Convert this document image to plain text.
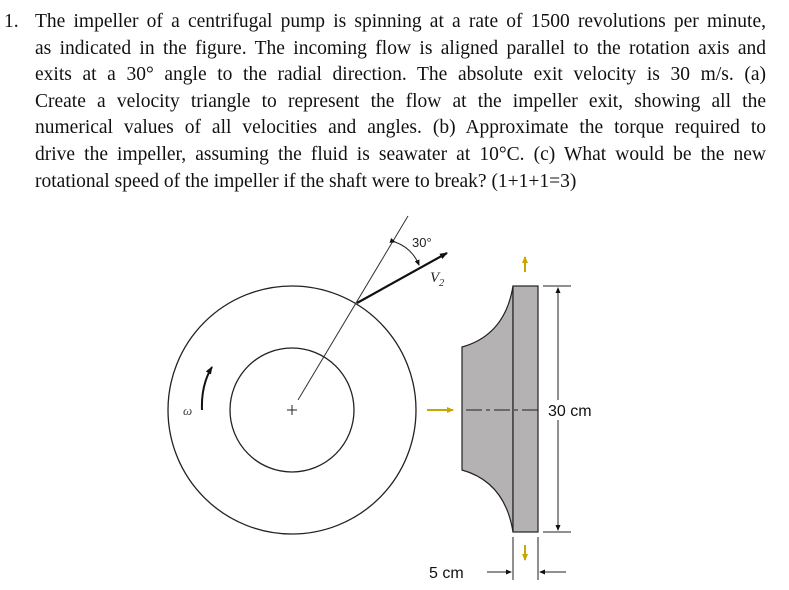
1. The impeller of a centrifugal pump is spinning at a rate of 1500 revolutions per minute,
as indicated in the figure. The incoming flow is aligned parallel to the rotation axis and
exits at a 30° angle to the radial direction. The absolute exit velocity is 30 m/s. (a)
Create a velocity triangle to represent the flow at the impeller exit, showing all the
numerical values of all velocities and angles. (b) Approximate the torque required to
drive the impeller, assuming the fluid is seawater at 10°C. (c) What would be the new
rotational speed of the impeller if the shaft were to break? (1+1+1=3)
30°
$V_2$
ω	30 cm
5 cm
